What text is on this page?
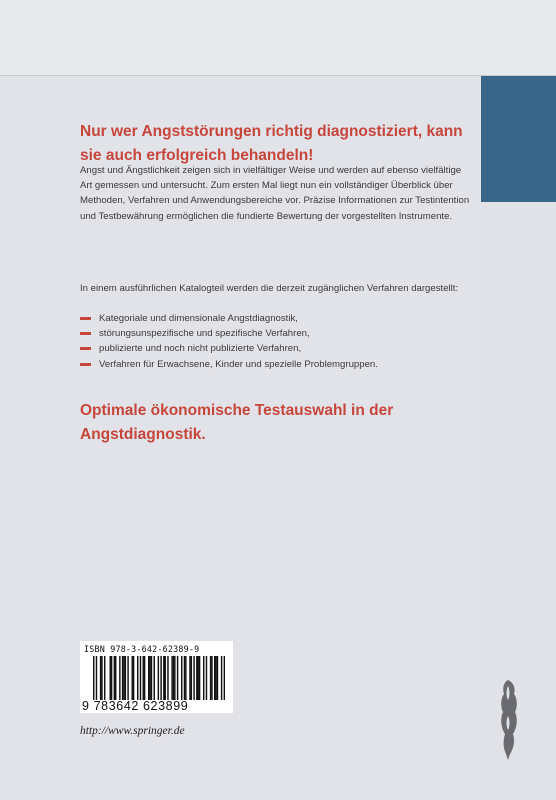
Nur wer Angststörungen richtig diagnostiziert, kann sie auch erfolgreich behandeln!

Angst und Ängstlichkeit zeigen sich in vielfältiger Weise und werden auf ebenso vielfältige Art gemessen und untersucht. Zum ersten Mal liegt nun ein vollständiger Überblick über Methoden, Verfahren und Anwendungsbereiche vor. Präzise Informationen zur Testintention und Testbewährung ermöglichen die fundierte Bewertung der vorgestellten Instrumente.

In einem ausführlichen Katalogteil werden die derzeit zugänglichen Verfahren dargestellt:

Kategoriale und dimensionale Angstdiagnostik,
störungsunspezifische und spezifische Verfahren,
publizierte und noch nicht publizierte Verfahren,
Verfahren für Erwachsene, Kinder und spezielle Problemgruppen.

Optimale ökonomische Testauswahl in der Angstdiagnostik.

ISBN 978-3-642-62389-9
9 783642 623899
http://www.springer.de
